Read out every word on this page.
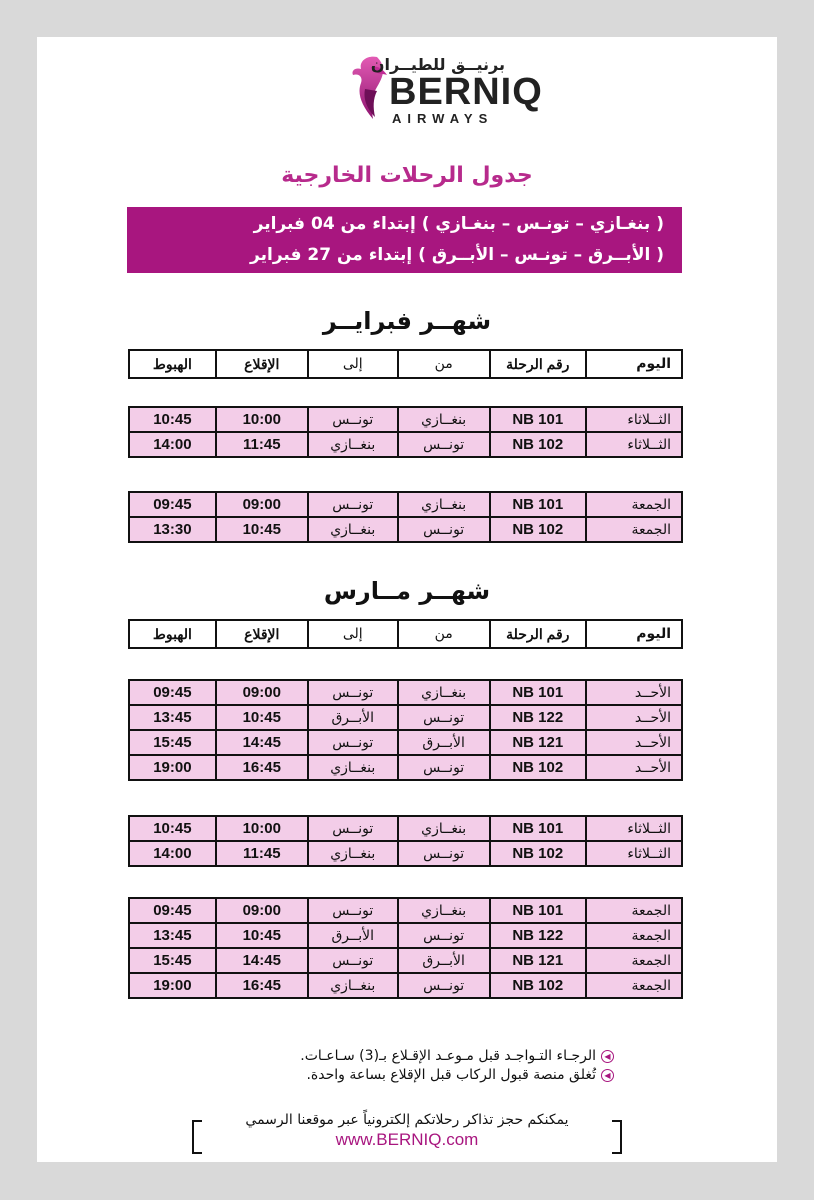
برنيــق للطيــران
BERNIQ
AIRWAYS
جدول الرحلات الخارجية
( بنغـازي – تونـس – بنغـازي ) إبتداء من 04 فبراير
( الأبــرق – تونـس – الأبــرق ) إبتداء من 27 فبراير
شهــر فبرايــر
شهــر مــارس
◀
الرجـاء التـواجـد قبل مـوعـد الإقـلاع بـ(3) سـاعـات.
◀
تُغلق منصة قبول الركاب قبل الإقلاع بساعة واحدة.
يمكنكم حجز تذاكر رحلاتكم إلكترونياً عبر موقعنا الرسمي
www.BERNIQ.com
اليوم	رقم الرحلة	من	إلى	الإقلاع	الهبوط
الثــلاثاء	NB 101	بنغــازي	تونــس	10:00	10:45
الثــلاثاء	NB 102	تونــس	بنغــازي	11:45	14:00
الجمعة	NB 101	بنغــازي	تونــس	09:00	09:45
الجمعة	NB 102	تونــس	بنغــازي	10:45	13:30
اليوم	رقم الرحلة	من	إلى	الإقلاع	الهبوط
الأحــد	NB 101	بنغــازي	تونــس	09:00	09:45
الأحــد	NB 122	تونــس	الأبــرق	10:45	13:45
الأحــد	NB 121	الأبــرق	تونــس	14:45	15:45
الأحــد	NB 102	تونــس	بنغــازي	16:45	19:00
الثــلاثاء	NB 101	بنغــازي	تونــس	10:00	10:45
الثــلاثاء	NB 102	تونــس	بنغــازي	11:45	14:00
الجمعة	NB 101	بنغــازي	تونــس	09:00	09:45
الجمعة	NB 122	تونــس	الأبــرق	10:45	13:45
الجمعة	NB 121	الأبــرق	تونــس	14:45	15:45
الجمعة	NB 102	تونــس	بنغــازي	16:45	19:00
